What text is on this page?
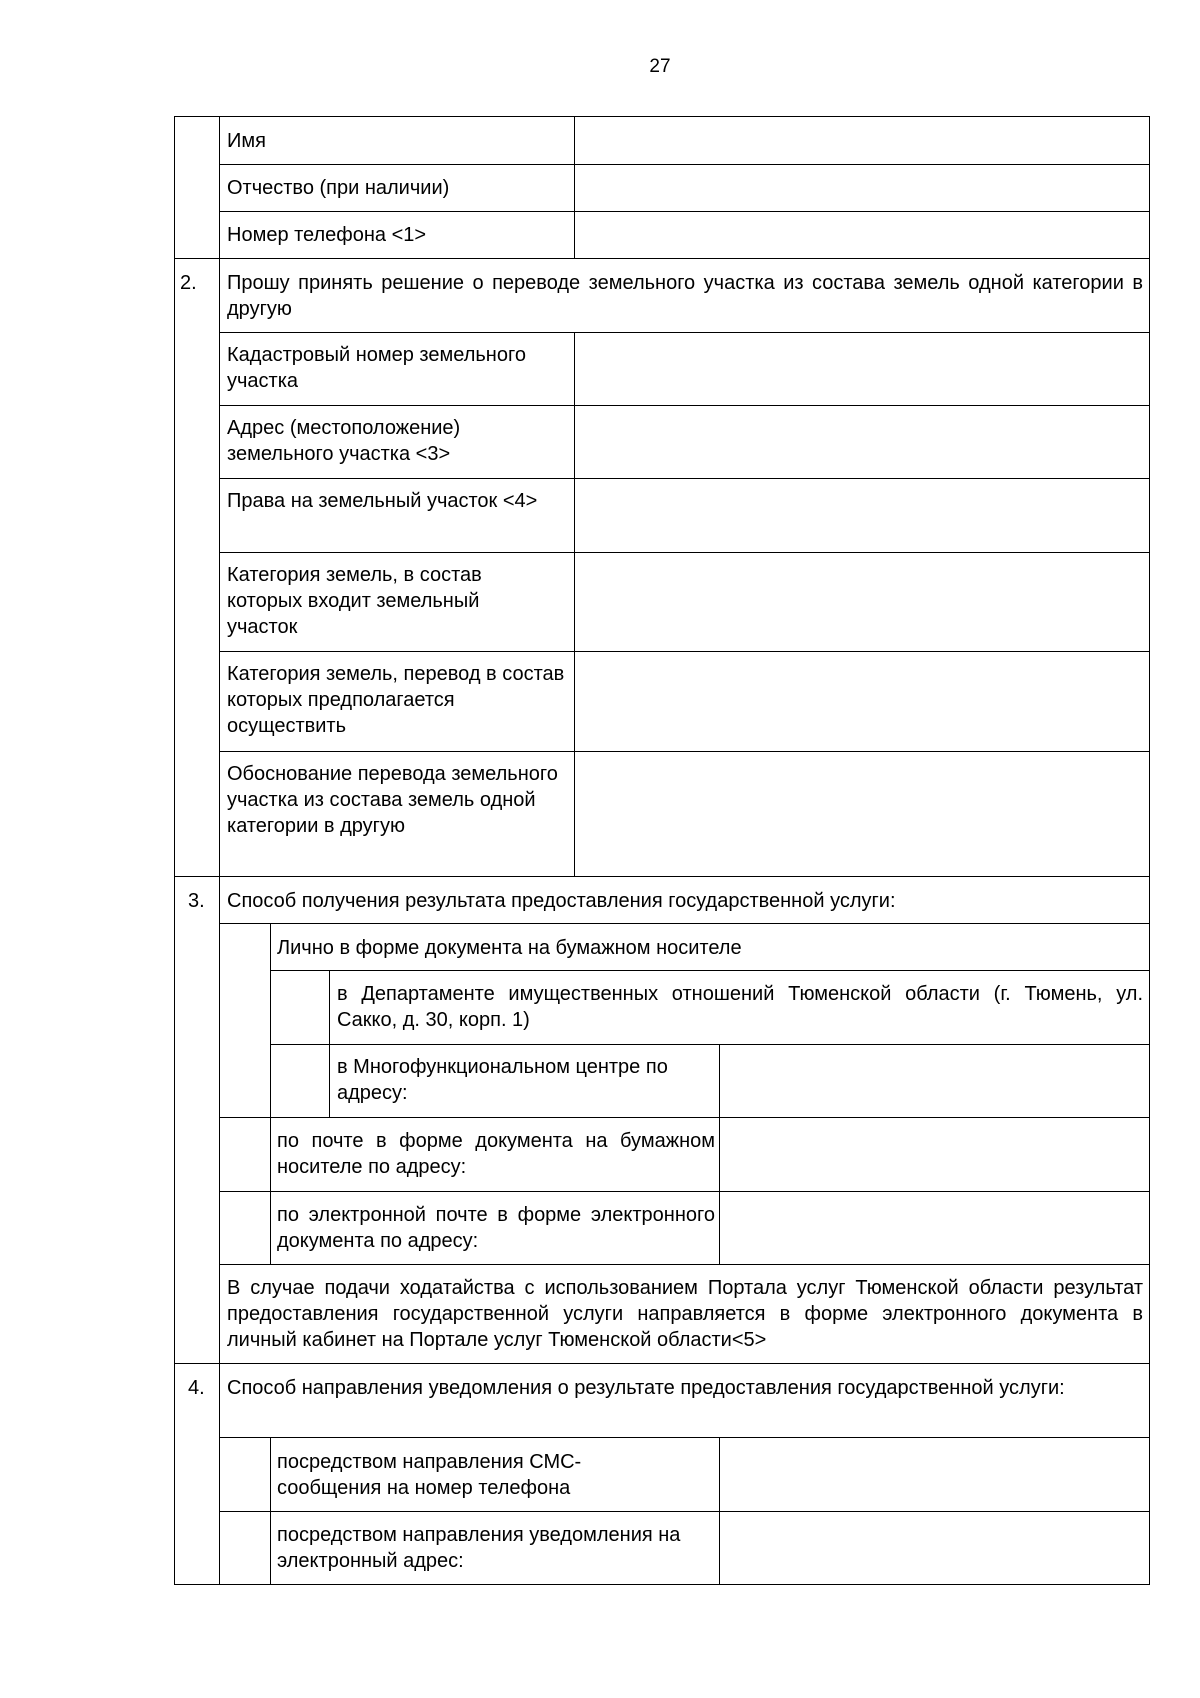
27
Имя
Отчество (при наличии)
Номер телефона <1>
2.	Прошу принять решение о переводе земельного участка из состава земель одной категории в другую
Кадастровый номер земельного участка
Адрес (местоположение) земельного участка <3>
Права на земельный участок <4>
Категория земель, в состав которых входит земельный участок
Категория земель, перевод в состав которых предполагается осуществить
Обоснование перевода земельного участка из состава земель одной категории в другую
3.	Способ получения результата предоставления государственной услуги:
Лично в форме документа на бумажном носителе
в Департаменте имущественных отношений Тюменской области (г. Тюмень, ул. Сакко, д. 30, корп. 1)
в Многофункциональном центре по адресу:
по почте в форме документа на бумажном носителе по адресу:
по электронной почте в форме электронного документа по адресу:
В случае подачи ходатайства с использованием Портала услуг Тюменской области результат предоставления государственной услуги направляется в форме электронного документа в личный кабинет на Портале услуг Тюменской области<5>
4.	Способ направления уведомления о результате предоставления государственной услуги:
посредством направления СМС-сообщения на номер телефона
посредством направления уведомления на электронный адрес:
